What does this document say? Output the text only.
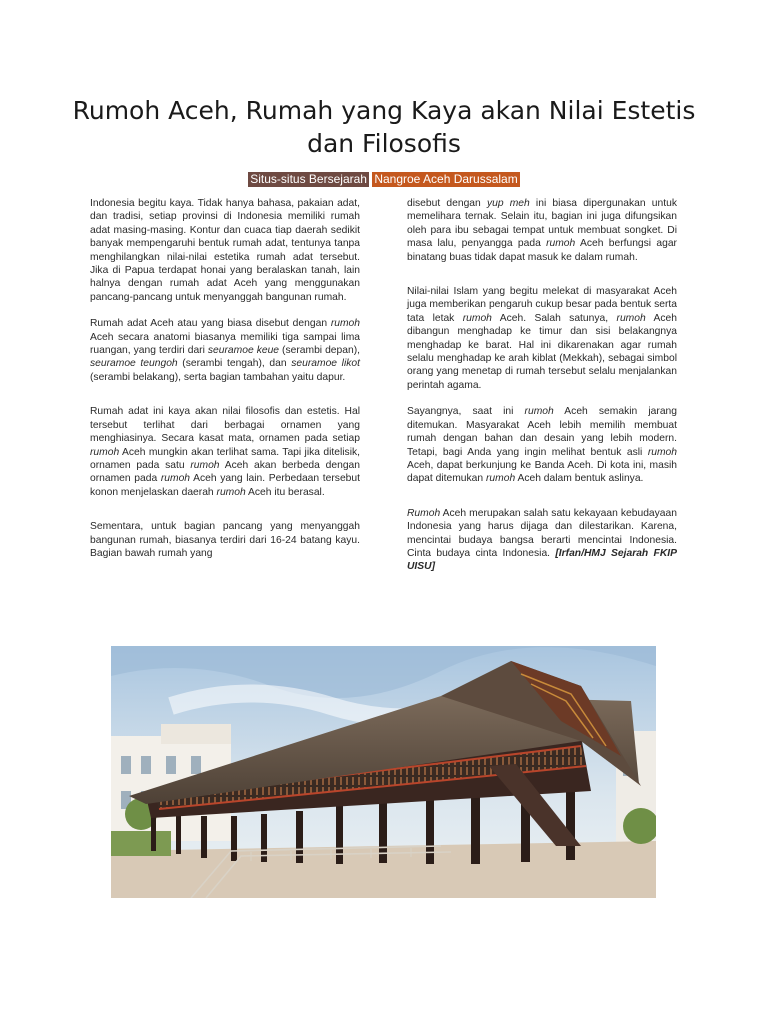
Rumoh Aceh, Rumah yang Kaya akan Nilai Estetis dan Filosofis
Situs-situs Bersejarah Nangroe Aceh Darussalam

Indonesia begitu kaya. Tidak hanya bahasa, pakaian adat, dan tradisi, setiap provinsi di Indonesia memiliki rumah adat masing-masing. Kontur dan cuaca tiap daerah sedikit banyak mempengaruhi bentuk rumah adat, tentunya tanpa menghilangkan nilai-nilai estetika rumah adat tersebut. Jika di Papua terdapat honai yang beralaskan tanah, lain halnya dengan rumah adat Aceh yang menggunakan pancang-pancang untuk menyanggah bangunan rumah.

Rumah adat Aceh atau yang biasa disebut dengan rumoh Aceh secara anatomi biasanya memiliki tiga sampai lima ruangan, yang terdiri dari seuramoe keue (serambi depan), seuramoe teungoh (serambi tengah), dan seuramoe likot (serambi belakang), serta bagian tambahan yaitu dapur.

Rumah adat ini kaya akan nilai filosofis dan estetis. Hal tersebut terlihat dari berbagai ornamen yang menghiasinya. Secara kasat mata, ornamen pada setiap rumoh Aceh mungkin akan terlihat sama. Tapi jika ditelisik, ornamen pada satu rumoh Aceh akan berbeda dengan ornamen pada rumoh Aceh yang lain. Perbedaan tersebut konon menjelaskan daerah rumoh Aceh itu berasal.

Sementara, untuk bagian pancang yang menyanggah bangunan rumah, biasanya terdiri dari 16-24 batang kayu. Bagian bawah rumah yang

disebut dengan yup meh ini biasa dipergunakan untuk memelihara ternak. Selain itu, bagian ini juga difungsikan oleh para ibu sebagai tempat untuk membuat songket. Di masa lalu, penyangga pada rumoh Aceh berfungsi agar binatang buas tidak dapat masuk ke dalam rumah.

Nilai-nilai Islam yang begitu melekat di masyarakat Aceh juga memberikan pengaruh cukup besar pada bentuk serta tata letak rumoh Aceh. Salah satunya, rumoh Aceh dibangun menghadap ke timur dan sisi belakangnya menghadap ke barat. Hal ini dikarenakan agar rumah selalu menghadap ke arah kiblat (Mekkah), sebagai simbol orang yang menetap di rumah tersebut selalu menjalankan perintah agama.

Sayangnya, saat ini rumoh Aceh semakin jarang ditemukan. Masyarakat Aceh lebih memilih membuat rumah dengan bahan dan desain yang lebih modern. Tetapi, bagi Anda yang ingin melihat bentuk asli rumoh Aceh, dapat berkunjung ke Banda Aceh. Di kota ini, masih dapat ditemukan rumoh Aceh dalam bentuk aslinya.

Rumoh Aceh merupakan salah satu kekayaan kebudayaan Indonesia yang harus dijaga dan dilestarikan. Karena, mencintai budaya bangsa berarti mencintai Indonesia. Cinta budaya cinta Indonesia. [Irfan/HMJ Sejarah FKIP UISU]
